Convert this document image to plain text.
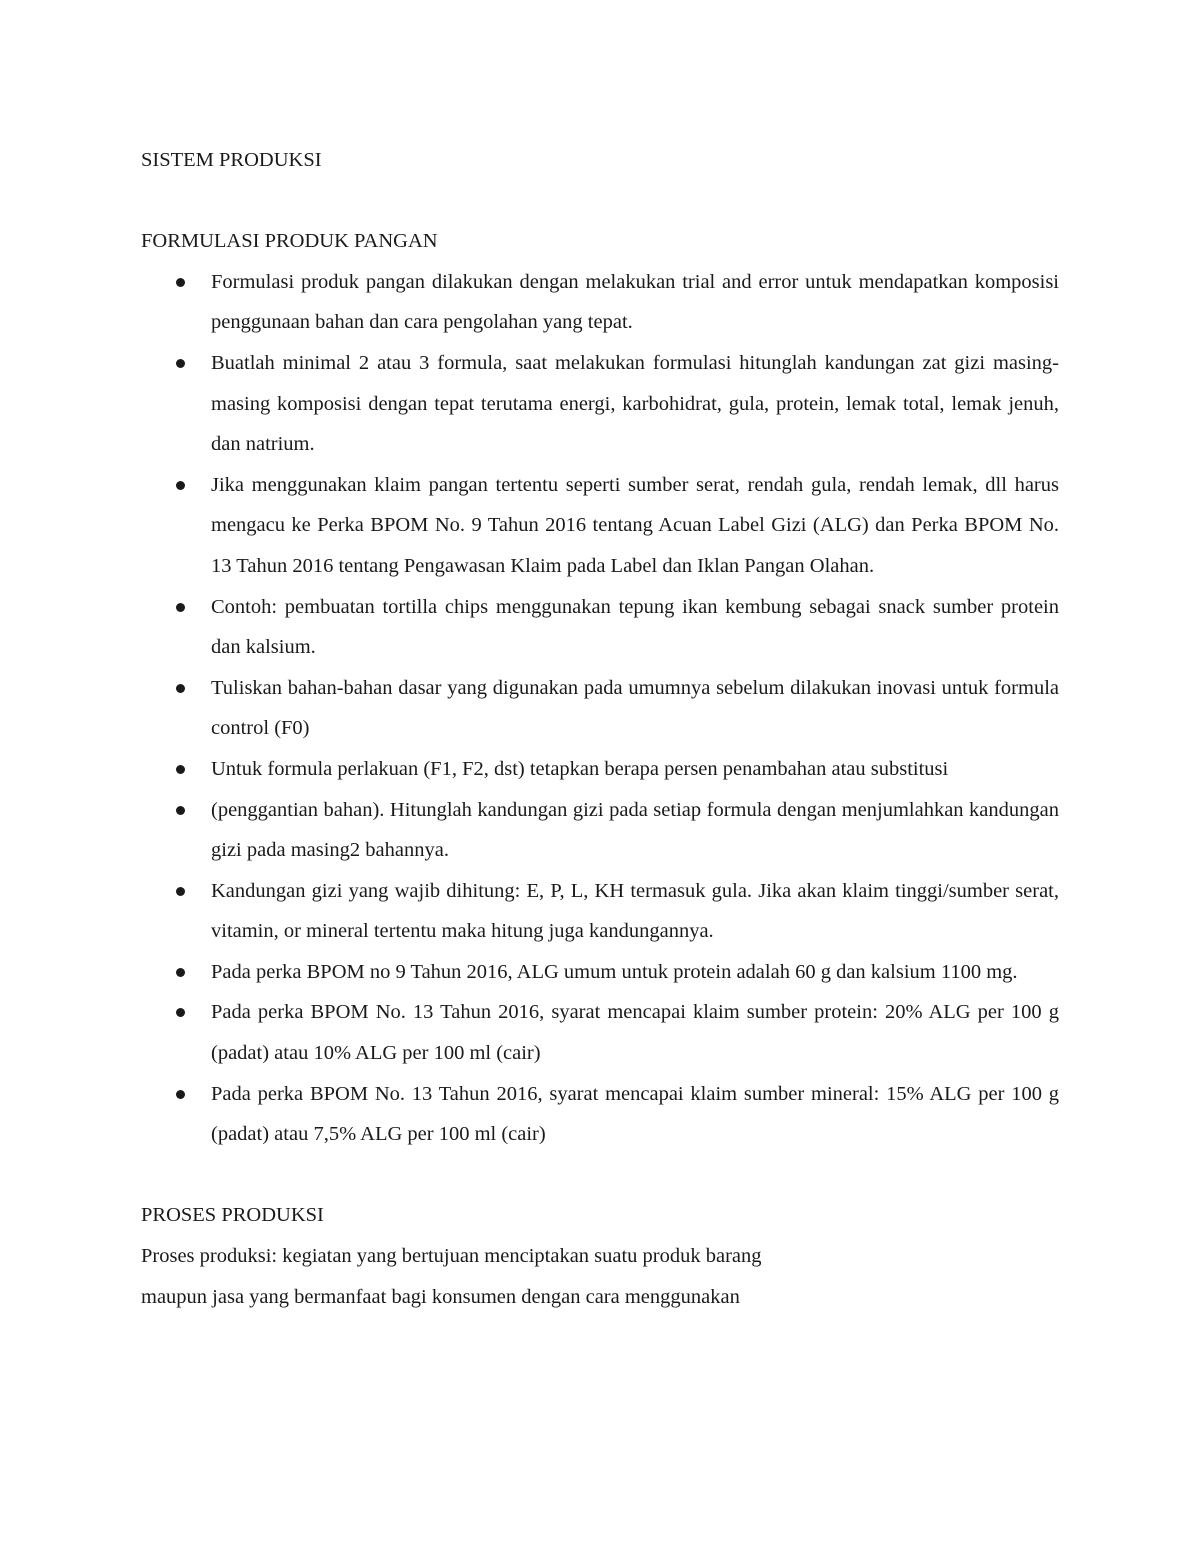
SISTEM PRODUKSI

FORMULASI PRODUK PANGAN

Formulasi produk pangan dilakukan dengan melakukan trial and error untuk mendapatkan komposisi penggunaan bahan dan cara pengolahan yang tepat.
Buatlah minimal 2 atau 3 formula, saat melakukan formulasi hitunglah kandungan zat gizi masing-masing komposisi dengan tepat terutama energi, karbohidrat, gula, protein, lemak total, lemak jenuh, dan natrium.
Jika menggunakan klaim pangan tertentu seperti sumber serat, rendah gula, rendah lemak, dll harus mengacu ke Perka BPOM No. 9 Tahun 2016 tentang Acuan Label Gizi (ALG) dan Perka BPOM No. 13 Tahun 2016 tentang Pengawasan Klaim pada Label dan Iklan Pangan Olahan.
Contoh: pembuatan tortilla chips menggunakan tepung ikan kembung sebagai snack sumber protein dan kalsium.
Tuliskan bahan-bahan dasar yang digunakan pada umumnya sebelum dilakukan inovasi untuk formula control (F0)
Untuk formula perlakuan (F1, F2, dst) tetapkan berapa persen penambahan atau substitusi
(penggantian bahan). Hitunglah kandungan gizi pada setiap formula dengan menjumlahkan kandungan gizi pada masing2 bahannya.
Kandungan gizi yang wajib dihitung: E, P, L, KH termasuk gula. Jika akan klaim tinggi/sumber serat, vitamin, or mineral tertentu maka hitung juga kandungannya.
Pada perka BPOM no 9 Tahun 2016, ALG umum untuk protein adalah 60 g dan kalsium 1100 mg.
Pada perka BPOM No. 13 Tahun 2016, syarat mencapai klaim sumber protein: 20% ALG per 100 g (padat) atau 10% ALG per 100 ml (cair)
Pada perka BPOM No. 13 Tahun 2016, syarat mencapai klaim sumber mineral: 15% ALG per 100 g (padat) atau 7,5% ALG per 100 ml (cair)

PROSES PRODUKSI

Proses produksi: kegiatan yang bertujuan menciptakan suatu produk barang

maupun jasa yang bermanfaat bagi konsumen dengan cara menggunakan
